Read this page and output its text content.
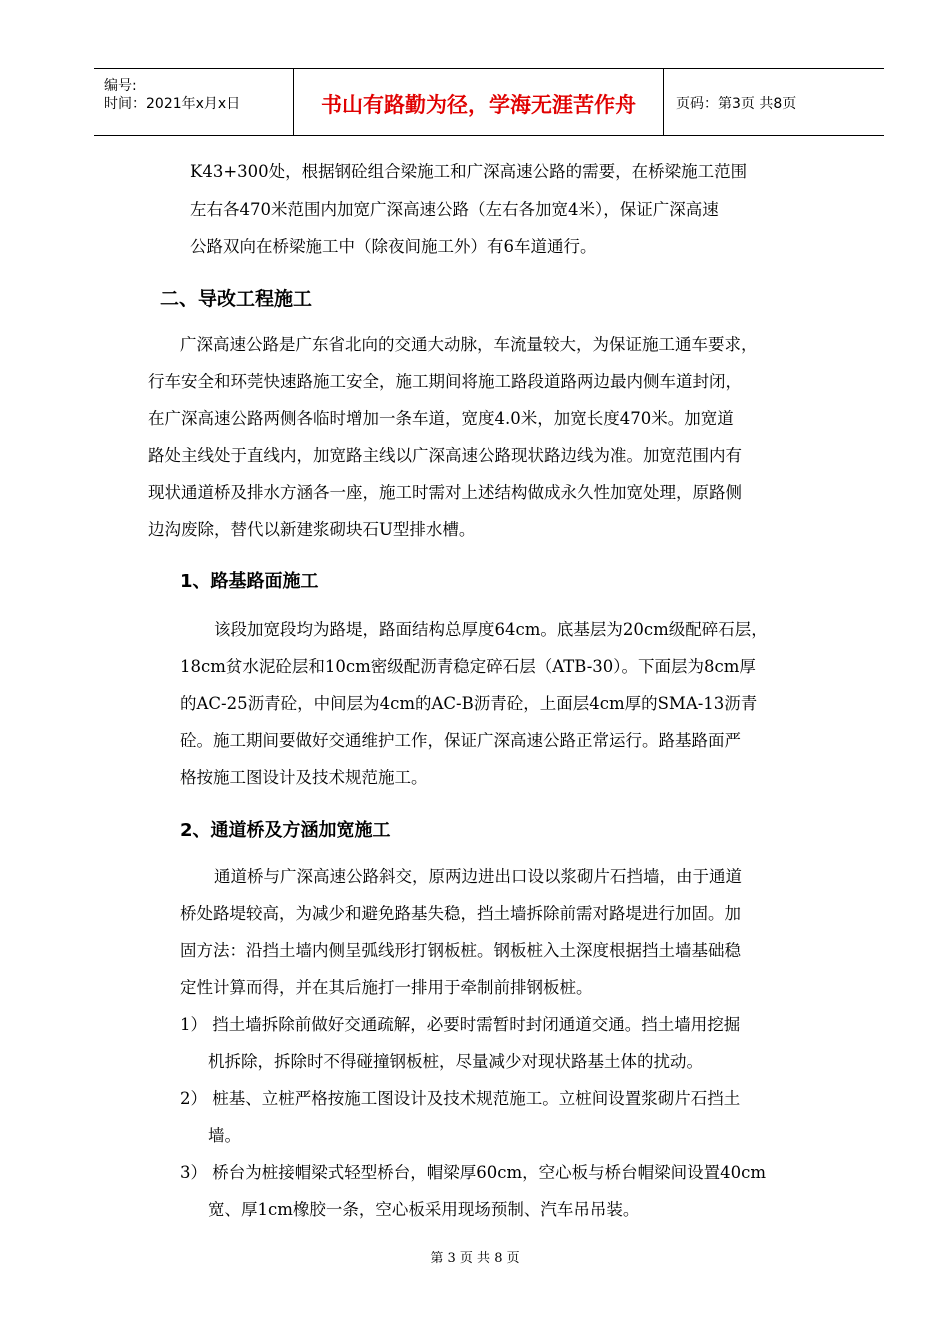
编号:
时间：2021年x月x日	书山有路勤为径，学海无涯苦作舟	页码：第3页 共8页
K43+300处，根据钢砼组合梁施工和广深高速公路的需要，在桥梁施工范围
左右各470米范围内加宽广深高速公路（左右各加宽4米），保证广深高速
公路双向在桥梁施工中（除夜间施工外）有6车道通行。
二、导改工程施工
广深高速公路是广东省北向的交通大动脉，车流量较大，为保证施工通车要求，
行车安全和环莞快速路施工安全，施工期间将施工路段道路两边最内侧车道封闭，
在广深高速公路两侧各临时增加一条车道，宽度4.0米，加宽长度470米。加宽道
路处主线处于直线内，加宽路主线以广深高速公路现状路边线为准。加宽范围内有
现状通道桥及排水方涵各一座，施工时需对上述结构做成永久性加宽处理，原路侧
边沟废除，替代以新建浆砌块石U型排水槽。
1、路基路面施工
该段加宽段均为路堤，路面结构总厚度64cm。底基层为20cm级配碎石层，
18cm贫水泥砼层和10cm密级配沥青稳定碎石层（ATB-30）。下面层为8cm厚
的AC-25沥青砼，中间层为4cm的AC-B沥青砼，上面层4cm厚的SMA-13沥青
砼。施工期间要做好交通维护工作，保证广深高速公路正常运行。路基路面严
格按施工图设计及技术规范施工。
2、通道桥及方涵加宽施工
通道桥与广深高速公路斜交，原两边进出口设以浆砌片石挡墙，由于通道
桥处路堤较高，为减少和避免路基失稳，挡土墙拆除前需对路堤进行加固。加
固方法：沿挡土墙内侧呈弧线形打钢板桩。钢板桩入土深度根据挡土墙基础稳
定性计算而得，并在其后施打一排用于牵制前排钢板桩。
1） 挡土墙拆除前做好交通疏解，必要时需暂时封闭通道交通。挡土墙用挖掘
机拆除，拆除时不得碰撞钢板桩，尽量减少对现状路基土体的扰动。
2） 桩基、立桩严格按施工图设计及技术规范施工。立桩间设置浆砌片石挡土
墙。
3） 桥台为桩接帽梁式轻型桥台，帽梁厚60cm，空心板与桥台帽梁间设置40cm
宽、厚1cm橡胶一条，空心板采用现场预制、汽车吊吊装。
第 3 页 共 8 页
